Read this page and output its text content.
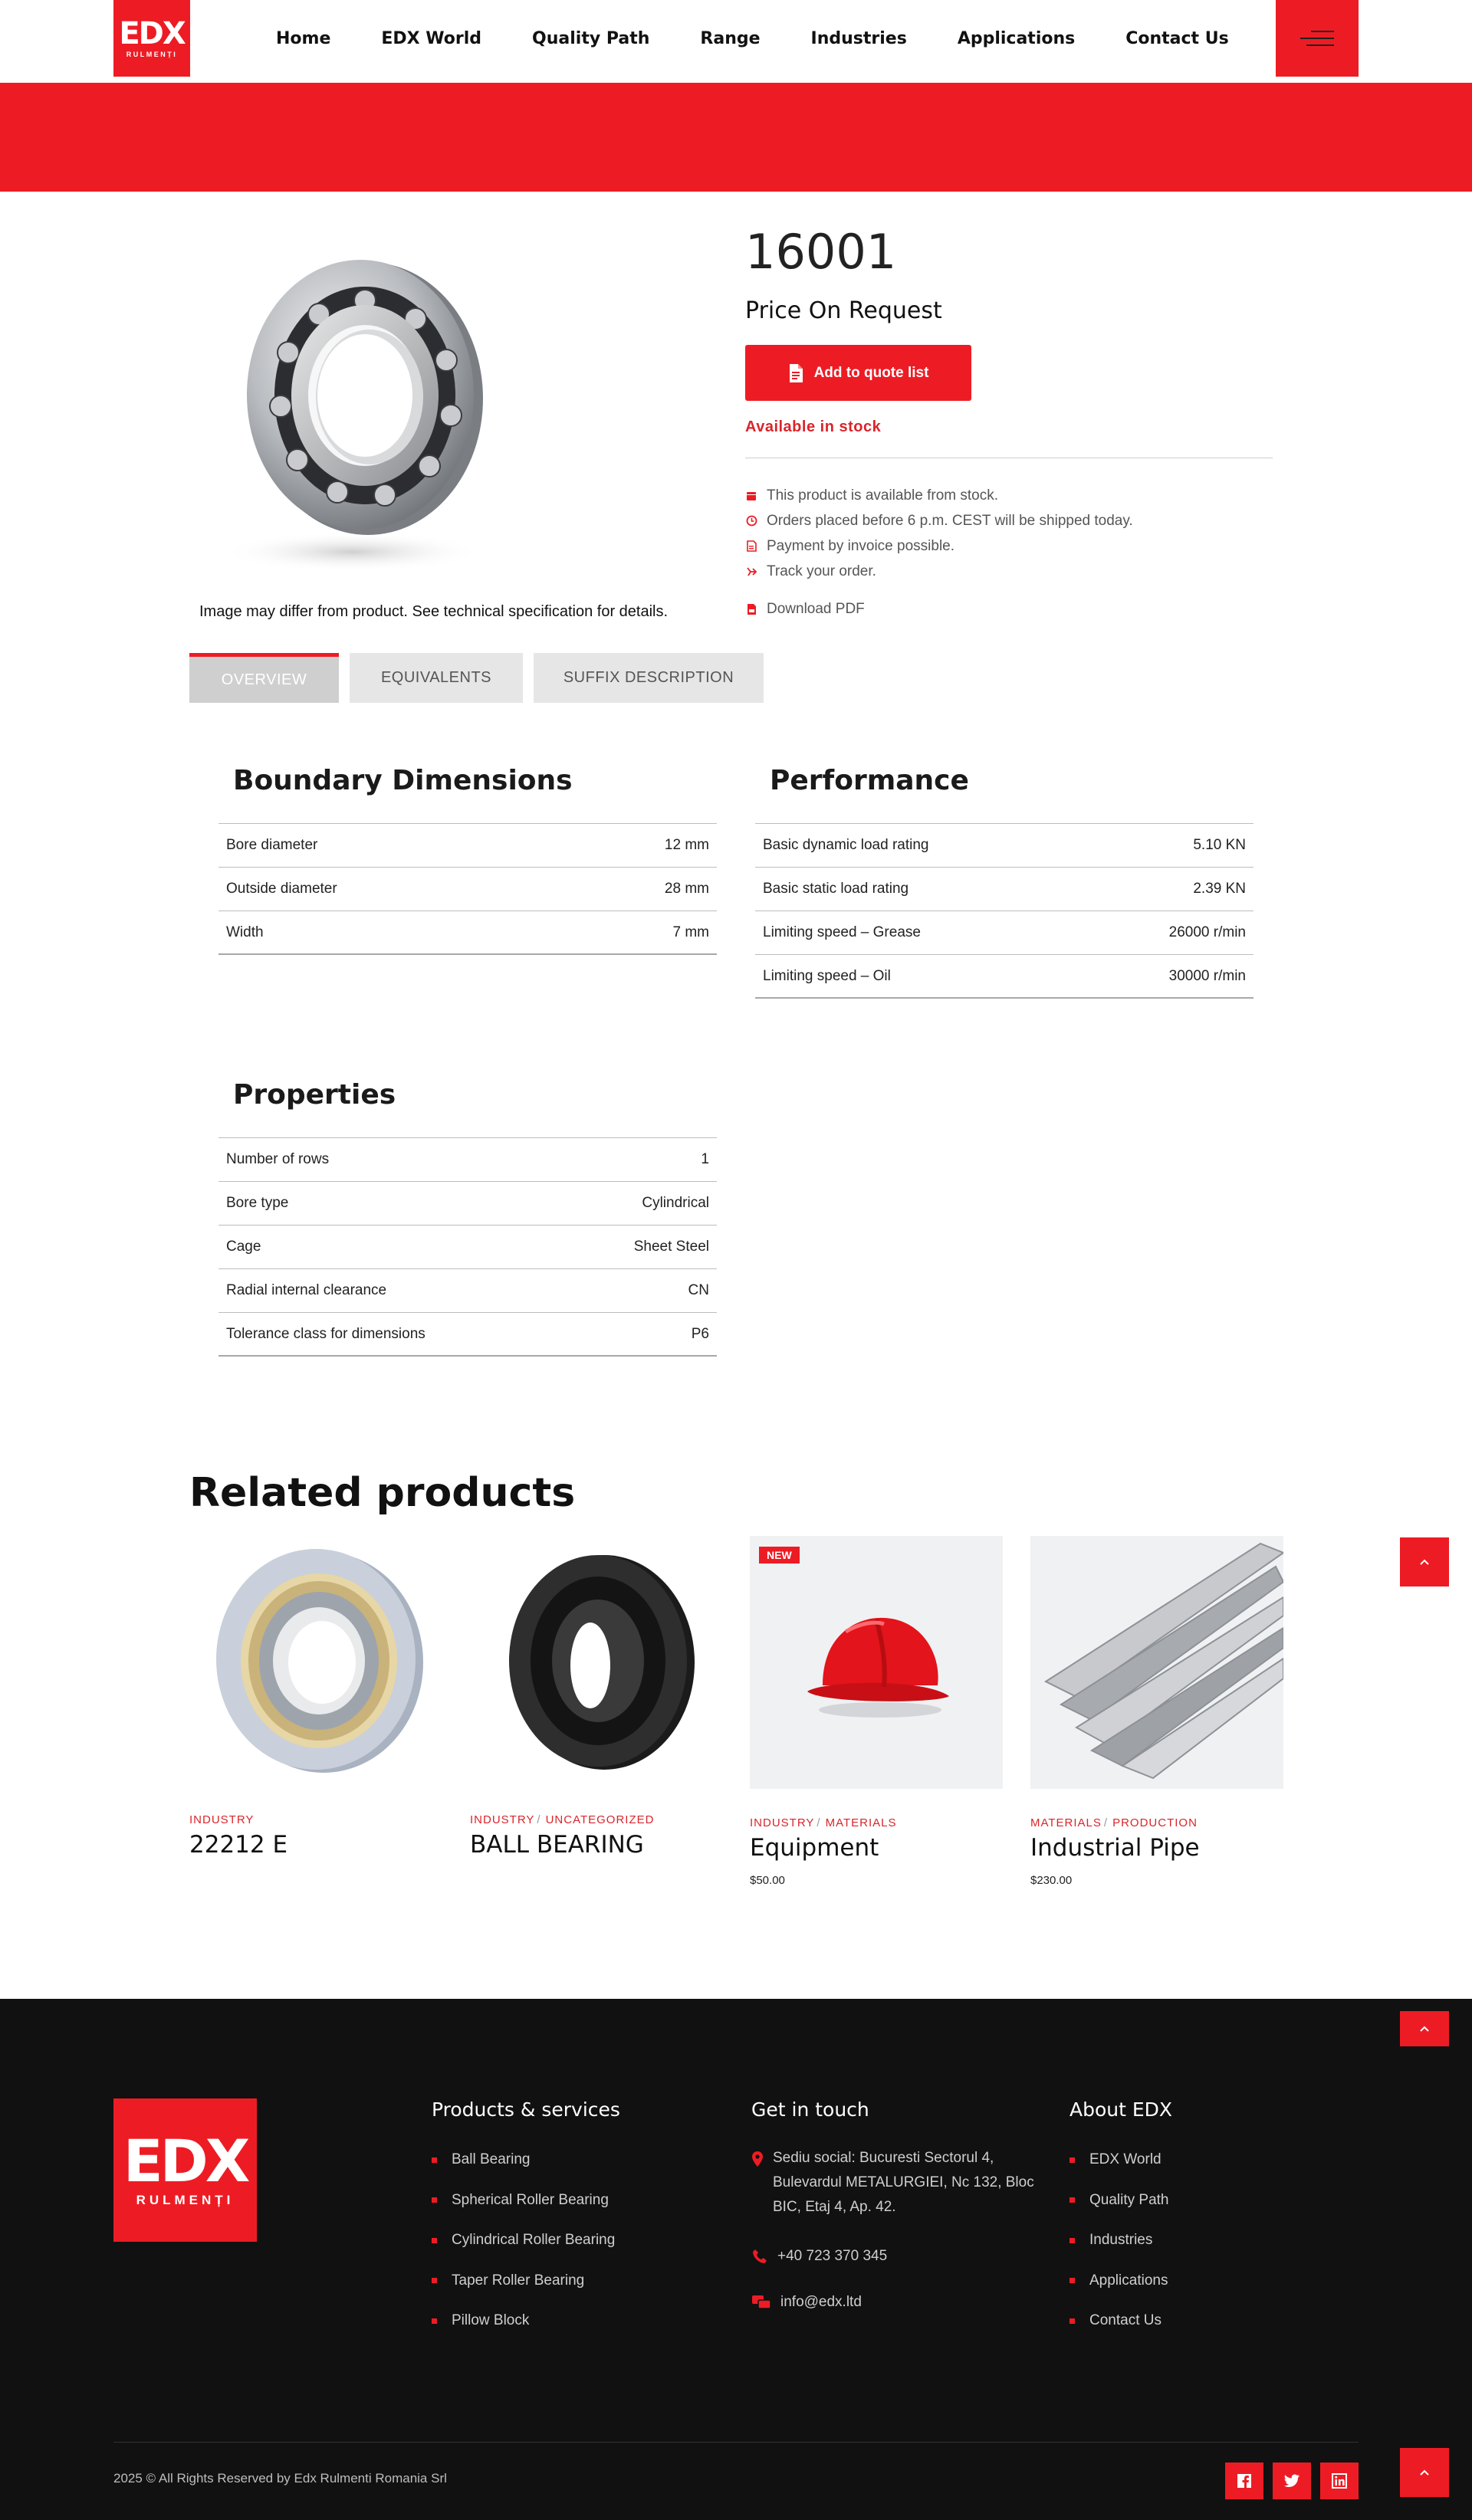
EDX
RULMENȚI
Home	EDX World	Quality Path	Range	Industries	Applications	Contact Us
Image may differ from product. See technical specification for details.
16001
Price On Request
Add to quote list
Available in stock
This product is available from stock.
Orders placed before 6 p.m. CEST will be shipped today.
Payment by invoice possible.
Track your order.
Download PDF
OVERVIEW	EQUIVALENTS	SUFFIX DESCRIPTION
Boundary Dimensions
Bore diameter	12 mm
Outside diameter	28 mm
Width	7 mm
Performance
Basic dynamic load rating	5.10 KN
Basic static load rating	2.39 KN
Limiting speed – Grease	26000 r/min
Limiting speed – Oil	30000 r/min
Properties
Number of rows	1
Bore type	Cylindrical
Cage	Sheet Steel
Radial internal clearance	CN
Tolerance class for dimensions	P6
Related products
INDUSTRY
22212 E
INDUSTRY / UNCATEGORIZED
BALL BEARING
NEW
INDUSTRY / MATERIALS
Equipment
$50.00
MATERIALS / PRODUCTION
Industrial Pipe
$230.00
EDX
RULMENȚI
Products & services
Ball Bearing
Spherical Roller Bearing
Cylindrical Roller Bearing
Taper Roller Bearing
Pillow Block
Get in touch
Sediu social: Bucuresti Sectorul 4, Bulevardul METALURGIEI, Nc 132, Bloc BIC, Etaj 4, Ap. 42.
+40 723 370 345
info@edx.ltd
About EDX
EDX World
Quality Path
Industries
Applications
Contact Us
2025 © All Rights Reserved by Edx Rulmenti Romania Srl
